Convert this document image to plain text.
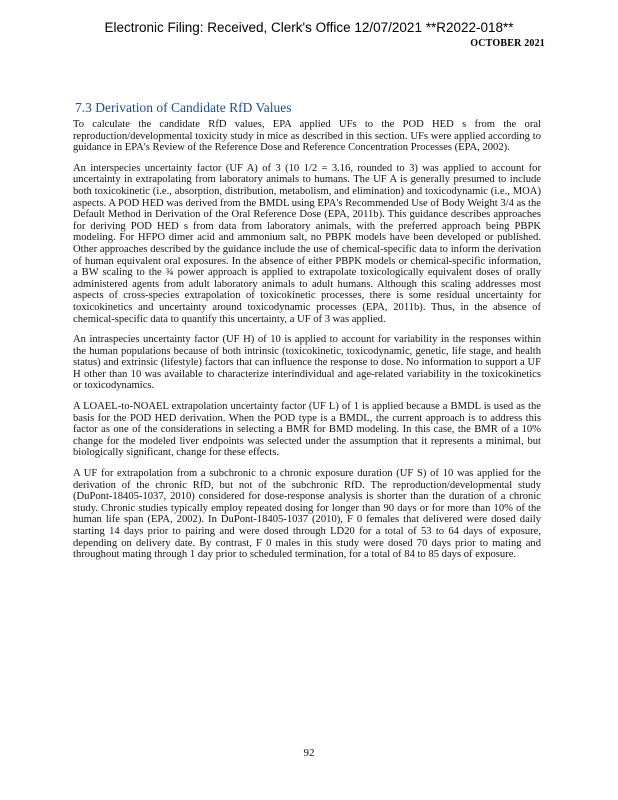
Electronic Filing: Received, Clerk's Office 12/07/2021 **R2022-018**
OCTOBER 2021
7.3 Derivation of Candidate RfD Values

To calculate the candidate RfD values, EPA applied UFs to the POD HED s from the oral reproduction/developmental toxicity study in mice as described in this section. UFs were applied according to guidance in EPA's Review of the Reference Dose and Reference Concentration Processes (EPA, 2002).

An interspecies uncertainty factor (UF A) of 3 (10 1/2 = 3.16, rounded to 3) was applied to account for uncertainty in extrapolating from laboratory animals to humans. The UF A is generally presumed to include both toxicokinetic (i.e., absorption, distribution, metabolism, and elimination) and toxicodynamic (i.e., MOA) aspects. A POD HED was derived from the BMDL using EPA's Recommended Use of Body Weight 3/4 as the Default Method in Derivation of the Oral Reference Dose (EPA, 2011b). This guidance describes approaches for deriving POD HED s from data from laboratory animals, with the preferred approach being PBPK modeling. For HFPO dimer acid and ammonium salt, no PBPK models have been developed or published. Other approaches described by the guidance include the use of chemical-specific data to inform the derivation of human equivalent oral exposures. In the absence of either PBPK models or chemical-specific information, a BW scaling to the ¾ power approach is applied to extrapolate toxicologically equivalent doses of orally administered agents from adult laboratory animals to adult humans. Although this scaling addresses most aspects of cross-species extrapolation of toxicokinetic processes, there is some residual uncertainty for toxicokinetics and uncertainty around toxicodynamic processes (EPA, 2011b). Thus, in the absence of chemical-specific data to quantify this uncertainty, a UF of 3 was applied.

An intraspecies uncertainty factor (UF H) of 10 is applied to account for variability in the responses within the human populations because of both intrinsic (toxicokinetic, toxicodynamic, genetic, life stage, and health status) and extrinsic (lifestyle) factors that can influence the response to dose. No information to support a UF H other than 10 was available to characterize interindividual and age-related variability in the toxicokinetics or toxicodynamics.

A LOAEL-to-NOAEL extrapolation uncertainty factor (UF L) of 1 is applied because a BMDL is used as the basis for the POD HED derivation. When the POD type is a BMDL, the current approach is to address this factor as one of the considerations in selecting a BMR for BMD modeling. In this case, the BMR of a 10% change for the modeled liver endpoints was selected under the assumption that it represents a minimal, but biologically significant, change for these effects.

A UF for extrapolation from a subchronic to a chronic exposure duration (UF S) of 10 was applied for the derivation of the chronic RfD, but not of the subchronic RfD. The reproduction/developmental study (DuPont-18405-1037, 2010) considered for dose-response analysis is shorter than the duration of a chronic study. Chronic studies typically employ repeated dosing for longer than 90 days or for more than 10% of the human life span (EPA, 2002). In DuPont-18405-1037 (2010), F 0 females that delivered were dosed daily starting 14 days prior to pairing and were dosed through LD20 for a total of 53 to 64 days of exposure, depending on delivery date. By contrast, F 0 males in this study were dosed 70 days prior to mating and throughout mating through 1 day prior to scheduled termination, for a total of 84 to 85 days of exposure.

92
